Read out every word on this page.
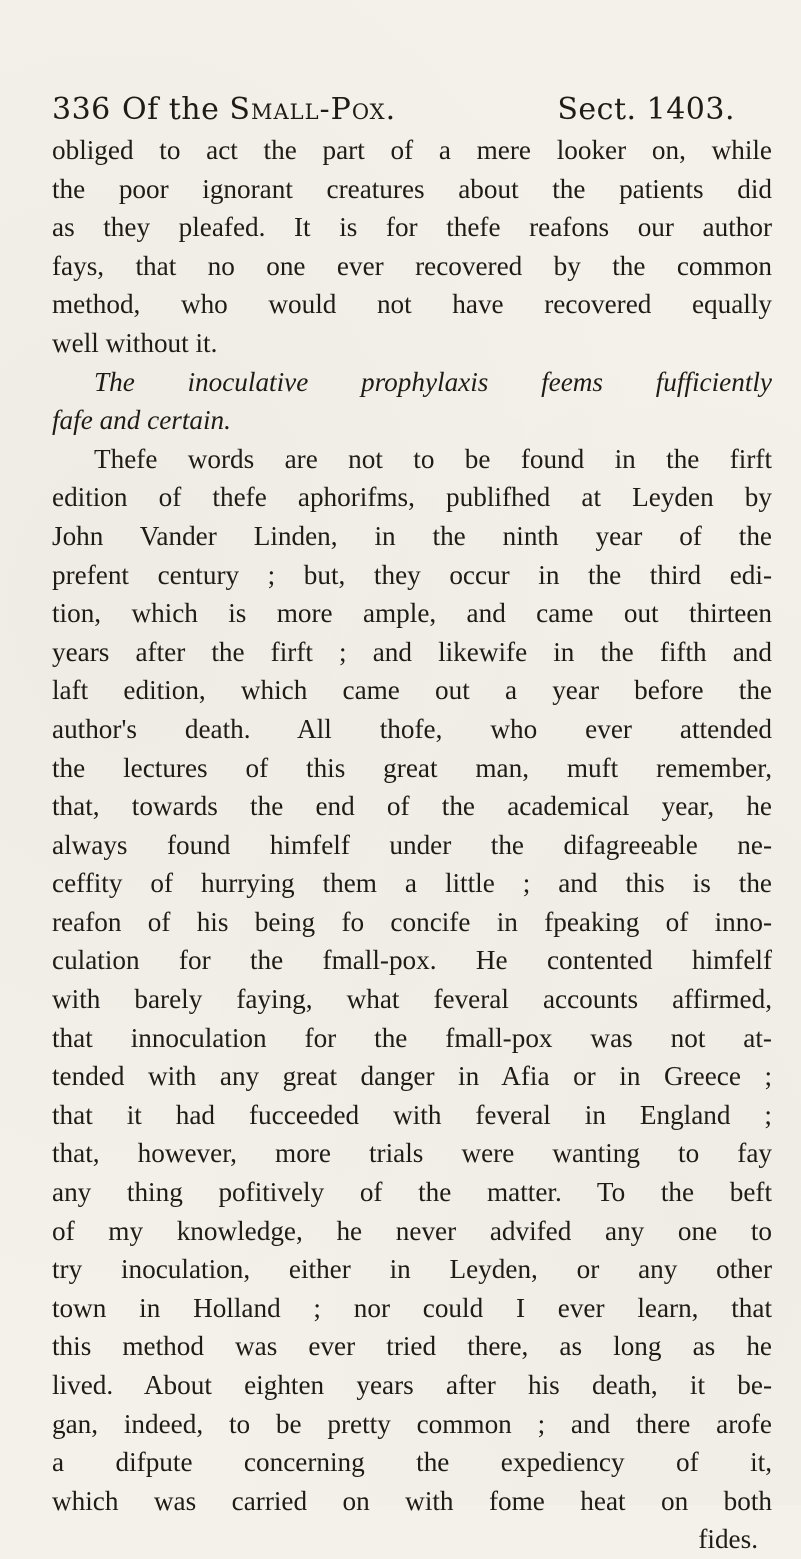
336 Of the Small-Pox.	Sect. 1403.
obliged to act the part of a mere looker on, while
the poor ignorant creatures about the patients did
as they pleafed. It is for thefe reafons our author
fays, that no one ever recovered by the common
method, who would not have recovered equally
well without it.
The inoculative prophylaxis feems fufficiently
fafe and certain.
Thefe words are not to be found in the firft
edition of thefe aphorifms, publifhed at Leyden by
John Vander Linden, in the ninth year of the
prefent century ; but, they occur in the third edi-
tion, which is more ample, and came out thirteen
years after the firft ; and likewife in the fifth and
laft edition, which came out a year before the
author's death. All thofe, who ever attended
the lectures of this great man, muft remember,
that, towards the end of the academical year, he
always found himfelf under the difagreeable ne-
ceffity of hurrying them a little ; and this is the
reafon of his being fo concife in fpeaking of inno-
culation for the fmall-pox. He contented himfelf
with barely faying, what feveral accounts affirmed,
that innoculation for the fmall-pox was not at-
tended with any great danger in Afia or in Greece ;
that it had fucceeded with feveral in England ;
that, however, more trials were wanting to fay
any thing pofitively of the matter. To the beft
of my knowledge, he never advifed any one to
try inoculation, either in Leyden, or any other
town in Holland ; nor could I ever learn, that
this method was ever tried there, as long as he
lived. About eighten years after his death, it be-
gan, indeed, to be pretty common ; and there arofe
a difpute concerning the expediency of it,
which was carried on with fome heat on both
fides.
